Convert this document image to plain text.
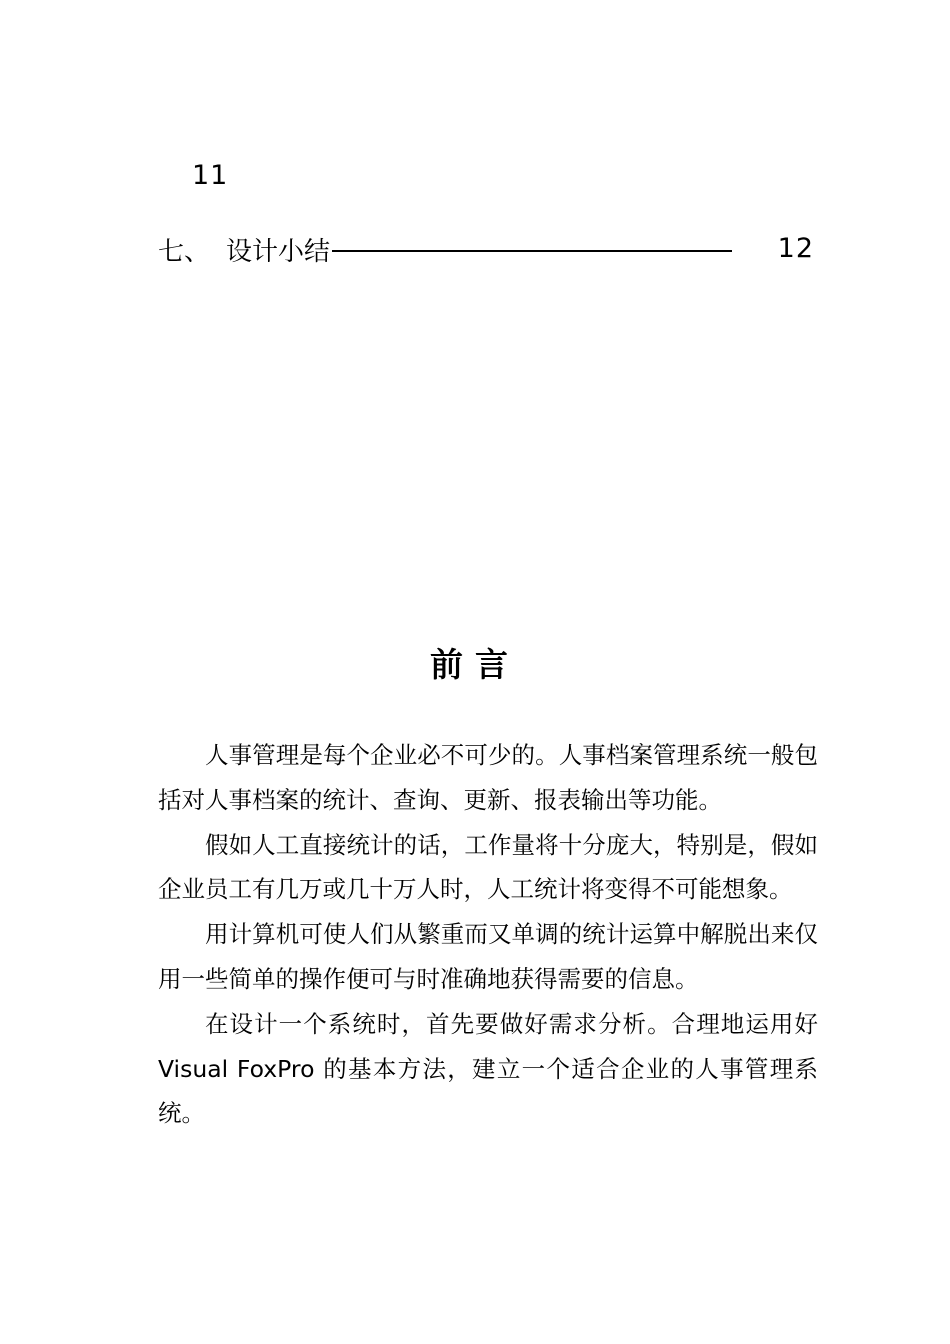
11
七、 设计小结	12
前言

人事管理是每个企业必不可少的。人事档案管理系统一般包括对人事档案的统计、查询、更新、报表输出等功能。

假如人工直接统计的话，工作量将十分庞大，特别是，假如企业员工有几万或几十万人时，人工统计将变得不可能想象。

用计算机可使人们从繁重而又单调的统计运算中解脱出来仅用一些简单的操作便可与时准确地获得需要的信息。

在设计一个系统时，首先要做好需求分析。合理地运用好Visual FoxPro 的基本方法，建立一个适合企业的人事管理系统。
